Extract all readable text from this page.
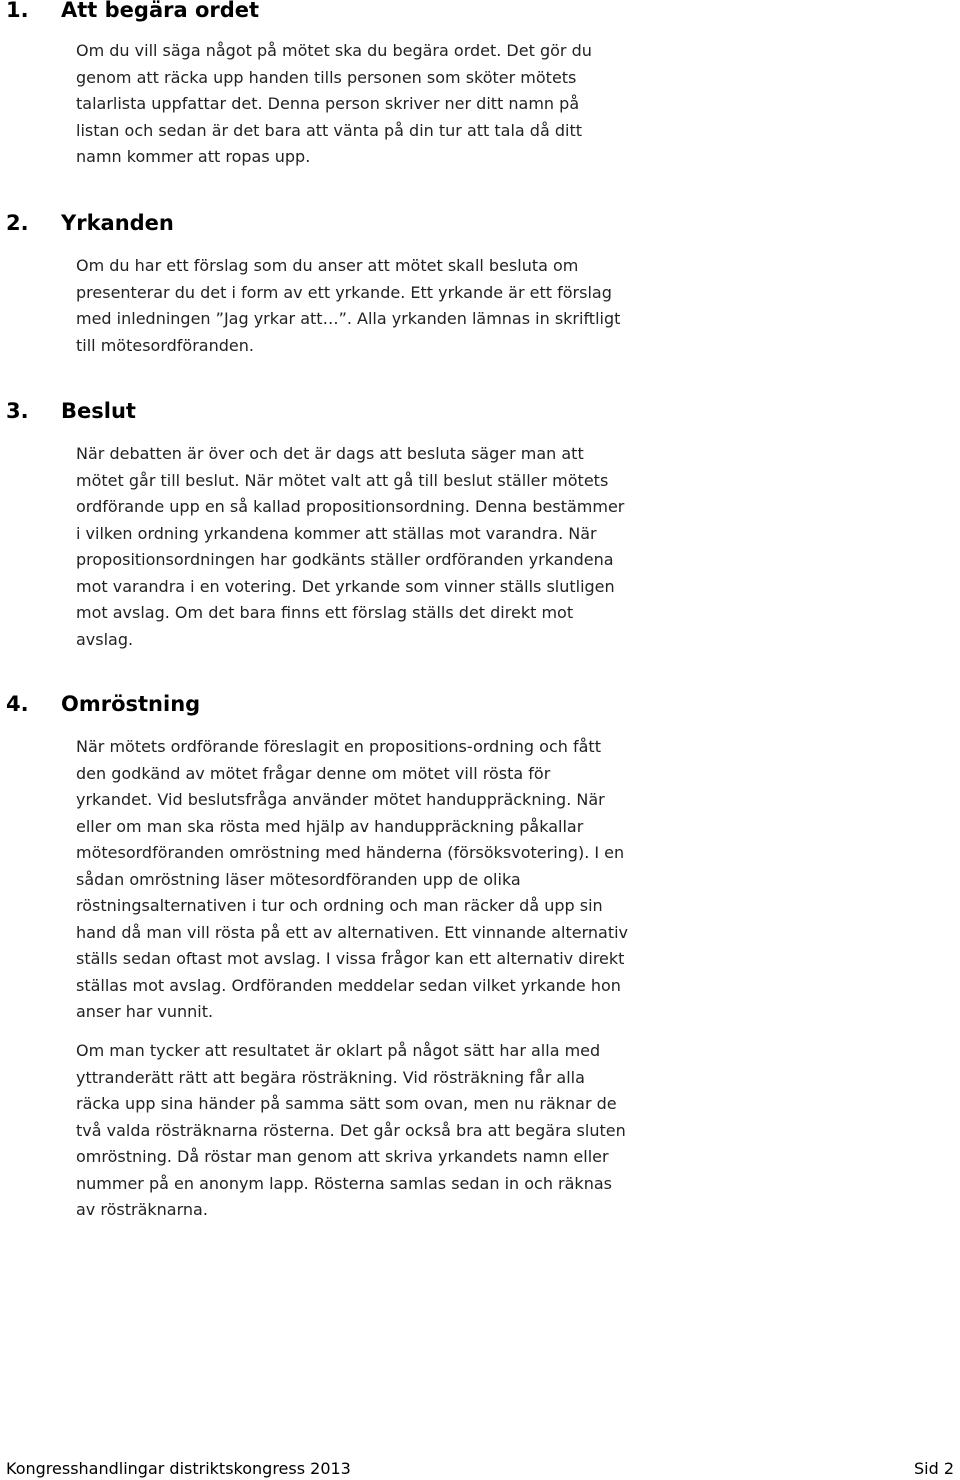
1. Att begära ordet
Om du vill säga något på mötet ska du begära ordet. Det gör du
genom att räcka upp handen tills personen som sköter mötets
talarlista uppfattar det. Denna person skriver ner ditt namn på
listan och sedan är det bara att vänta på din tur att tala då ditt
namn kommer att ropas upp.
2. Yrkanden
Om du har ett förslag som du anser att mötet skall besluta om
presenterar du det i form av ett yrkande. Ett yrkande är ett förslag
med inledningen ”Jag yrkar att…”. Alla yrkanden lämnas in skriftligt
till mötesordföranden.
3. Beslut
När debatten är över och det är dags att besluta säger man att
mötet går till beslut. När mötet valt att gå till beslut ställer mötets
ordförande upp en så kallad propositionsordning. Denna bestämmer
i vilken ordning yrkandena kommer att ställas mot varandra. När
propositionsordningen har godkänts ställer ordföranden yrkandena
mot varandra i en votering. Det yrkande som vinner ställs slutligen
mot avslag. Om det bara finns ett förslag ställs det direkt mot
avslag.
4. Omröstning
När mötets ordförande föreslagit en propositions-ordning och fått
den godkänd av mötet frågar denne om mötet vill rösta för
yrkandet. Vid beslutsfråga använder mötet handuppräckning. När
eller om man ska rösta med hjälp av handuppräckning påkallar
mötesordföranden omröstning med händerna (försöksvotering). I en
sådan omröstning läser mötesordföranden upp de olika
röstningsalternativen i tur och ordning och man räcker då upp sin
hand då man vill rösta på ett av alternativen. Ett vinnande alternativ
ställs sedan oftast mot avslag. I vissa frågor kan ett alternativ direkt
ställas mot avslag. Ordföranden meddelar sedan vilket yrkande hon
anser har vunnit.
Om man tycker att resultatet är oklart på något sätt har alla med
yttranderätt rätt att begära rösträkning. Vid rösträkning får alla
räcka upp sina händer på samma sätt som ovan, men nu räknar de
två valda rösträknarna rösterna. Det går också bra att begära sluten
omröstning. Då röstar man genom att skriva yrkandets namn eller
nummer på en anonym lapp. Rösterna samlas sedan in och räknas
av rösträknarna.
Kongresshandlingar distriktskongress 2013	Sid 2
